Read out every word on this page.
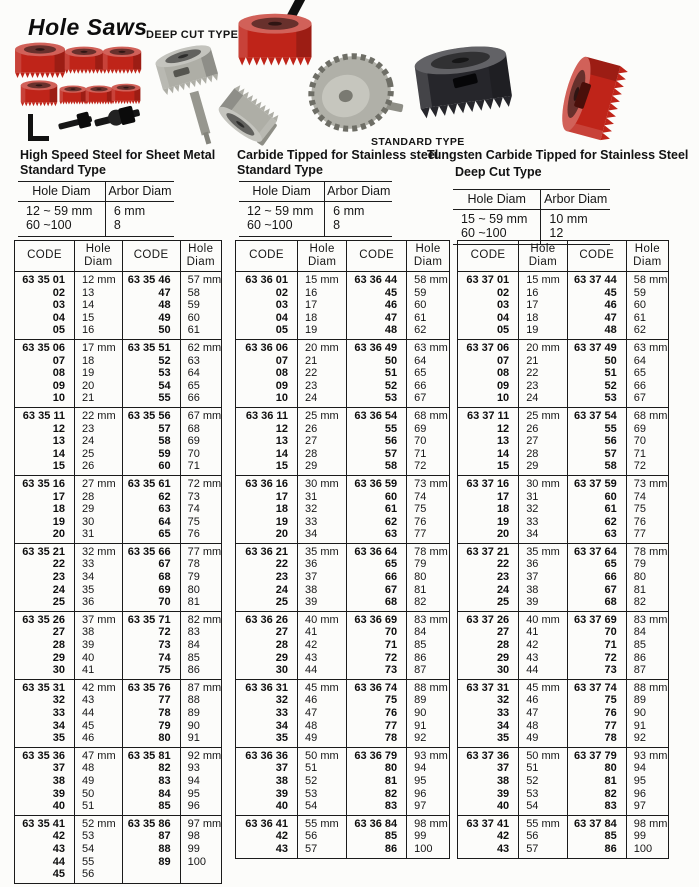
Hole Saws
DEEP CUT TYPE
STANDARD TYPE
High Speed Steel for Sheet Metal
Standard Type
Carbide Tipped for Stainless steel
Standard Type
Tungsten Carbide Tipped for Stainless Steel
Deep Cut Type
Hole Diam	Arbor Diam
12 ~ 59 mm	6 mm
60 ~100	8
Hole Diam	Arbor Diam
12 ~ 59 mm	6 mm
60 ~100	8
Hole Diam	Arbor Diam
15 ~ 59 mm	10 mm
60 ~100	12
CODE	Hole Diam	CODE	Hole Diam
63 35 01	12 mm	63 35 46	57 mm
02	13	47	58
03	14	48	59
04	15	49	60
05	16	50	61
63 35 06	17 mm	63 35 51	62 mm
07	18	52	63
08	19	53	64
09	20	54	65
10	21	55	66
63 35 11	22 mm	63 35 56	67 mm
12	23	57	68
13	24	58	69
14	25	59	70
15	26	60	71
63 35 16	27 mm	63 35 61	72 mm
17	28	62	73
18	29	63	74
19	30	64	75
20	31	65	76
63 35 21	32 mm	63 35 66	77 mm
22	33	67	78
23	34	68	79
24	35	69	80
25	36	70	81
63 35 26	37 mm	63 35 71	82 mm
27	38	72	83
28	39	73	84
29	40	74	85
30	41	75	86
63 35 31	42 mm	63 35 76	87 mm
32	43	77	88
33	44	78	89
34	45	79	90
35	46	80	91
63 35 36	47 mm	63 35 81	92 mm
37	48	82	93
38	49	83	94
39	50	84	95
40	51	85	96
63 35 41	52 mm	63 35 86	97 mm
42	53	87	98
43	54	88	99
44	55	89	100
45	56		
CODE	Hole Diam	CODE	Hole Diam
63 36 01	15 mm	63 36 44	58 mm
02	16	45	59
03	17	46	60
04	18	47	61
05	19	48	62
63 36 06	20 mm	63 36 49	63 mm
07	21	50	64
08	22	51	65
09	23	52	66
10	24	53	67
63 36 11	25 mm	63 36 54	68 mm
12	26	55	69
13	27	56	70
14	28	57	71
15	29	58	72
63 36 16	30 mm	63 36 59	73 mm
17	31	60	74
18	32	61	75
19	33	62	76
20	34	63	77
63 36 21	35 mm	63 36 64	78 mm
22	36	65	79
23	37	66	80
24	38	67	81
25	39	68	82
63 36 26	40 mm	63 36 69	83 mm
27	41	70	84
28	42	71	85
29	43	72	86
30	44	73	87
63 36 31	45 mm	63 36 74	88 mm
32	46	75	89
33	47	76	90
34	48	77	91
35	49	78	92
63 36 36	50 mm	63 36 79	93 mm
37	51	80	94
38	52	81	95
39	53	82	96
40	54	83	97
63 36 41	55 mm	63 36 84	98 mm
42	56	85	99
43	57	86	100
CODE	Hole Diam	CODE	Hole Diam
63 37 01	15 mm	63 37 44	58 mm
02	16	45	59
03	17	46	60
04	18	47	61
05	19	48	62
63 37 06	20 mm	63 37 49	63 mm
07	21	50	64
08	22	51	65
09	23	52	66
10	24	53	67
63 37 11	25 mm	63 37 54	68 mm
12	26	55	69
13	27	56	70
14	28	57	71
15	29	58	72
63 37 16	30 mm	63 37 59	73 mm
17	31	60	74
18	32	61	75
19	33	62	76
20	34	63	77
63 37 21	35 mm	63 37 64	78 mm
22	36	65	79
23	37	66	80
24	38	67	81
25	39	68	82
63 37 26	40 mm	63 37 69	83 mm
27	41	70	84
28	42	71	85
29	43	72	86
30	44	73	87
63 37 31	45 mm	63 37 74	88 mm
32	46	75	89
33	47	76	90
34	48	77	91
35	49	78	92
63 37 36	50 mm	63 37 79	93 mm
37	51	80	94
38	52	81	95
39	53	82	96
40	54	83	97
63 37 41	55 mm	63 37 84	98 mm
42	56	85	99
43	57	86	100
